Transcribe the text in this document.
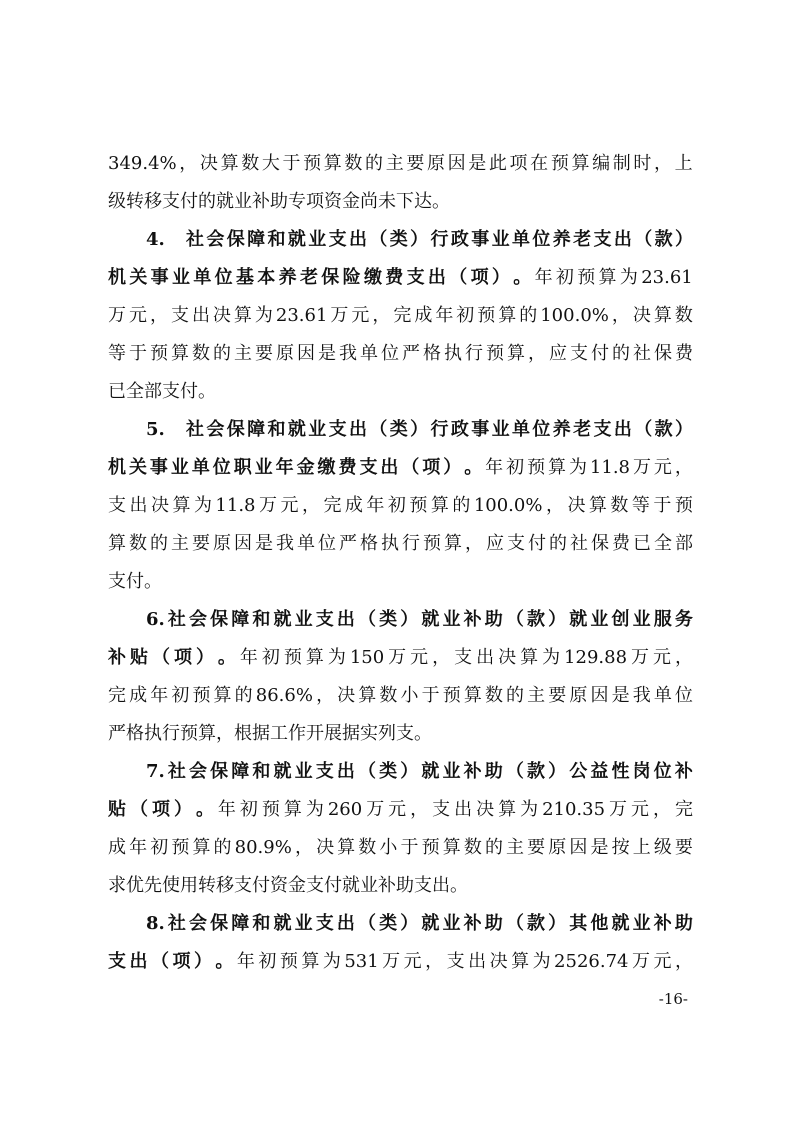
349.4% ， 决 算 数 大 于 预 算 数 的 主 要 原 因 是 此 项 在 预 算 编 制 时 ， 上
级转移支付的就业补助专项资金尚未下达。
4. 社 会 保 障 和 就 业 支 出 （ 类 ） 行 政 事 业 单 位 养 老 支 出 （ 款 ）
机 关 事 业 单 位 基 本 养 老 保 险 缴 费 支 出 （ 项 ） 。 年 初 预 算 为 23.61
万 元 ， 支 出 决 算 为 23.61 万 元 ， 完 成 年 初 预 算 的 100.0% ， 决 算 数
等 于 预 算 数 的 主 要 原 因 是 我 单 位 严 格 执 行 预 算 ， 应 支 付 的 社 保 费
已全部支付。
5. 社 会 保 障 和 就 业 支 出 （ 类 ） 行 政 事 业 单 位 养 老 支 出 （ 款 ）
机 关 事 业 单 位 职 业 年 金 缴 费 支 出 （ 项 ） 。 年 初 预 算 为 11.8 万 元 ，
支 出 决 算 为 11.8 万 元 ， 完 成 年 初 预 算 的 100.0% ， 决 算 数 等 于 预
算 数 的 主 要 原 因 是 我 单 位 严 格 执 行 预 算 ， 应 支 付 的 社 保 费 已 全 部
支付。
6. 社 会 保 障 和 就 业 支 出 （ 类 ） 就 业 补 助 （ 款 ） 就 业 创 业 服 务
补 贴 （ 项 ） 。 年 初 预 算 为 150 万 元 ， 支 出 决 算 为 129.88 万 元 ，
完 成 年 初 预 算 的 86.6% ， 决 算 数 小 于 预 算 数 的 主 要 原 因 是 我 单 位
严格执行预算，根据工作开展据实列支。
7. 社 会 保 障 和 就 业 支 出 （ 类 ） 就 业 补 助 （ 款 ） 公 益 性 岗 位 补
贴 （ 项 ） 。 年 初 预 算 为 260 万 元 ， 支 出 决 算 为 210.35 万 元 ， 完
成 年 初 预 算 的 80.9% ， 决 算 数 小 于 预 算 数 的 主 要 原 因 是 按 上 级 要
求优先使用转移支付资金支付就业补助支出。
8. 社 会 保 障 和 就 业 支 出 （ 类 ） 就 业 补 助 （ 款 ） 其 他 就 业 补 助
支 出 （ 项 ） 。 年 初 预 算 为 531 万 元 ， 支 出 决 算 为 2526.74 万 元 ，
-16-
